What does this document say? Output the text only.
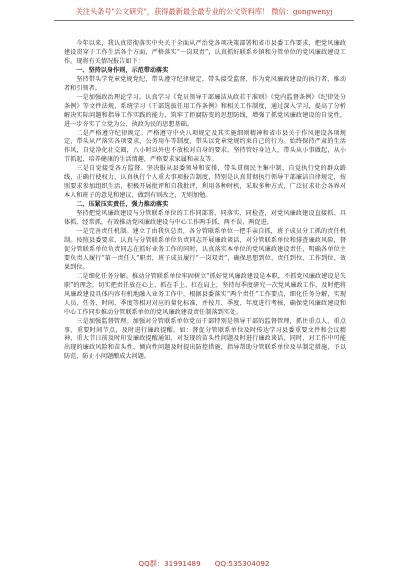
关注头条号"公文研究"，获得最新最全最专业的公文资料库！ 微信：gongwenyj

今年以来，我认真贯彻落实中央关于全面从严治党各项决策部署和省市县委工作要求，把党风廉政建设贯穿于工作生活各个方面，严格落实“一岗双责”，认真抓好联系乡镇和分管单位的党风廉政建设工作。现将有关情况报告如下：

一、坚持以身作则，示范带动落实

坚持带头学党章党规党纪、带头遵守纪律规定、带头接受监督，作为党风廉政建设的执行者、推动者和引领者。

一是加强政治理论学习。认真学习《党员领导干部廉洁从政若干准则》《党内监督条例》《纪律处分条例》等文件法规，系统学习《干部选拔任用工作条例》和相关工作制度，通过深入学习，提高了分析解决实际问题和指导工作实践的能力，筑牢了拒腐防变的思想防线，增强了抓党风廉政建设的自觉性，进一步夯实了立党为公、执政为民的思想基础。

二是严格遵守纪律规定。严格遵守中央八项规定及其实施细则精神和省市县关于作风建设各项规定，带头从严落实各项要求，公务用车等制度，带头以党章党规约束自己的行为。始终保持严肃的生活作风，自觉净化社交圈，八小时以外也不放松对自身的要求。坚持管好身边人，带头从小事做起，从小节抓起，培养健康的生活情趣，严格要求家属和亲友等。

三是自觉接受各方监督。坚决服从县委领导和安排，带头贯彻民主集中制，自觉执行党的群众路线，正确行使权力，认真执行个人重大事项报告制度，特别是认真贯彻执行领导干部廉洁自律规定，按照要求参加组织生活，积极开展批评和自我批评，利用各种时机，采取多种方式，广泛征求社会各界对本人和班子的意见和建议，做到有则改之，无则加勉。

二、压紧压实责任，强力推动落实

坚持把党风廉政建设与分管联系单位的工作同部署、同落实、同检查，对党风廉政建设直接抓、具体抓、经常抓，有效推动党风廉政建设与中心工作两手抓、两不误、两促进。

一是完善责任机制。建立了由我负总责，各分管联系单位一把手亲自抓，班子成员分工抓的责任机制。按照县委要求，认真与分管联系单位负责同志开展廉政谈话，对分管联系单位和排查廉政风险，督促分管联系单位负责同志在抓好业务工作的同时，认真落实本单位的党风廉政建设责任，明确各单位主要负责人履行“第一责任人”职责，班子成员履行“一岗双责”，确保思想到位、责任到位、工作到位、效果到位。

二是细化任务分解。推动分管联系单位牢固树立“抓好党风廉政建设是本职，不抓党风廉政建设是失职”的理念，切实把责任放在心上、抓在手上、扛在肩上，坚持每季度研究一次党风廉政工作。及时把将风廉政建设具体内容有机地融入业务工作中，根据县委落实“两个责任”工作要点，细化任务分解，实现人员、任务、时间、季度等相对对应的量化标准，并按月、季度、年度进行考核，确保党风廉政建设和中心工作同步推动分管联系单位的党风廉政建设责任制落到实处。

三是加强监督管理。加强对分管联系单位党员干部特别是领导干部的监督管理，抓住重点人、重点事、重要时间节点，及时进行廉政提醒。如：督促分管联系单位及时传达学习县委重要文件和会议精神，重大节日前及时印发廉政提醒通知，对发现的苗头性问题及时进行廉政谈话，同时，对工作中可能出现的廉政风险和苗头性、倾向性问题及时提出防控措施，指导帮助分管联系单位及早制定措施，予以防范，防止小问题酿成大问题。

QQ群：31991489 QQ:535304092
